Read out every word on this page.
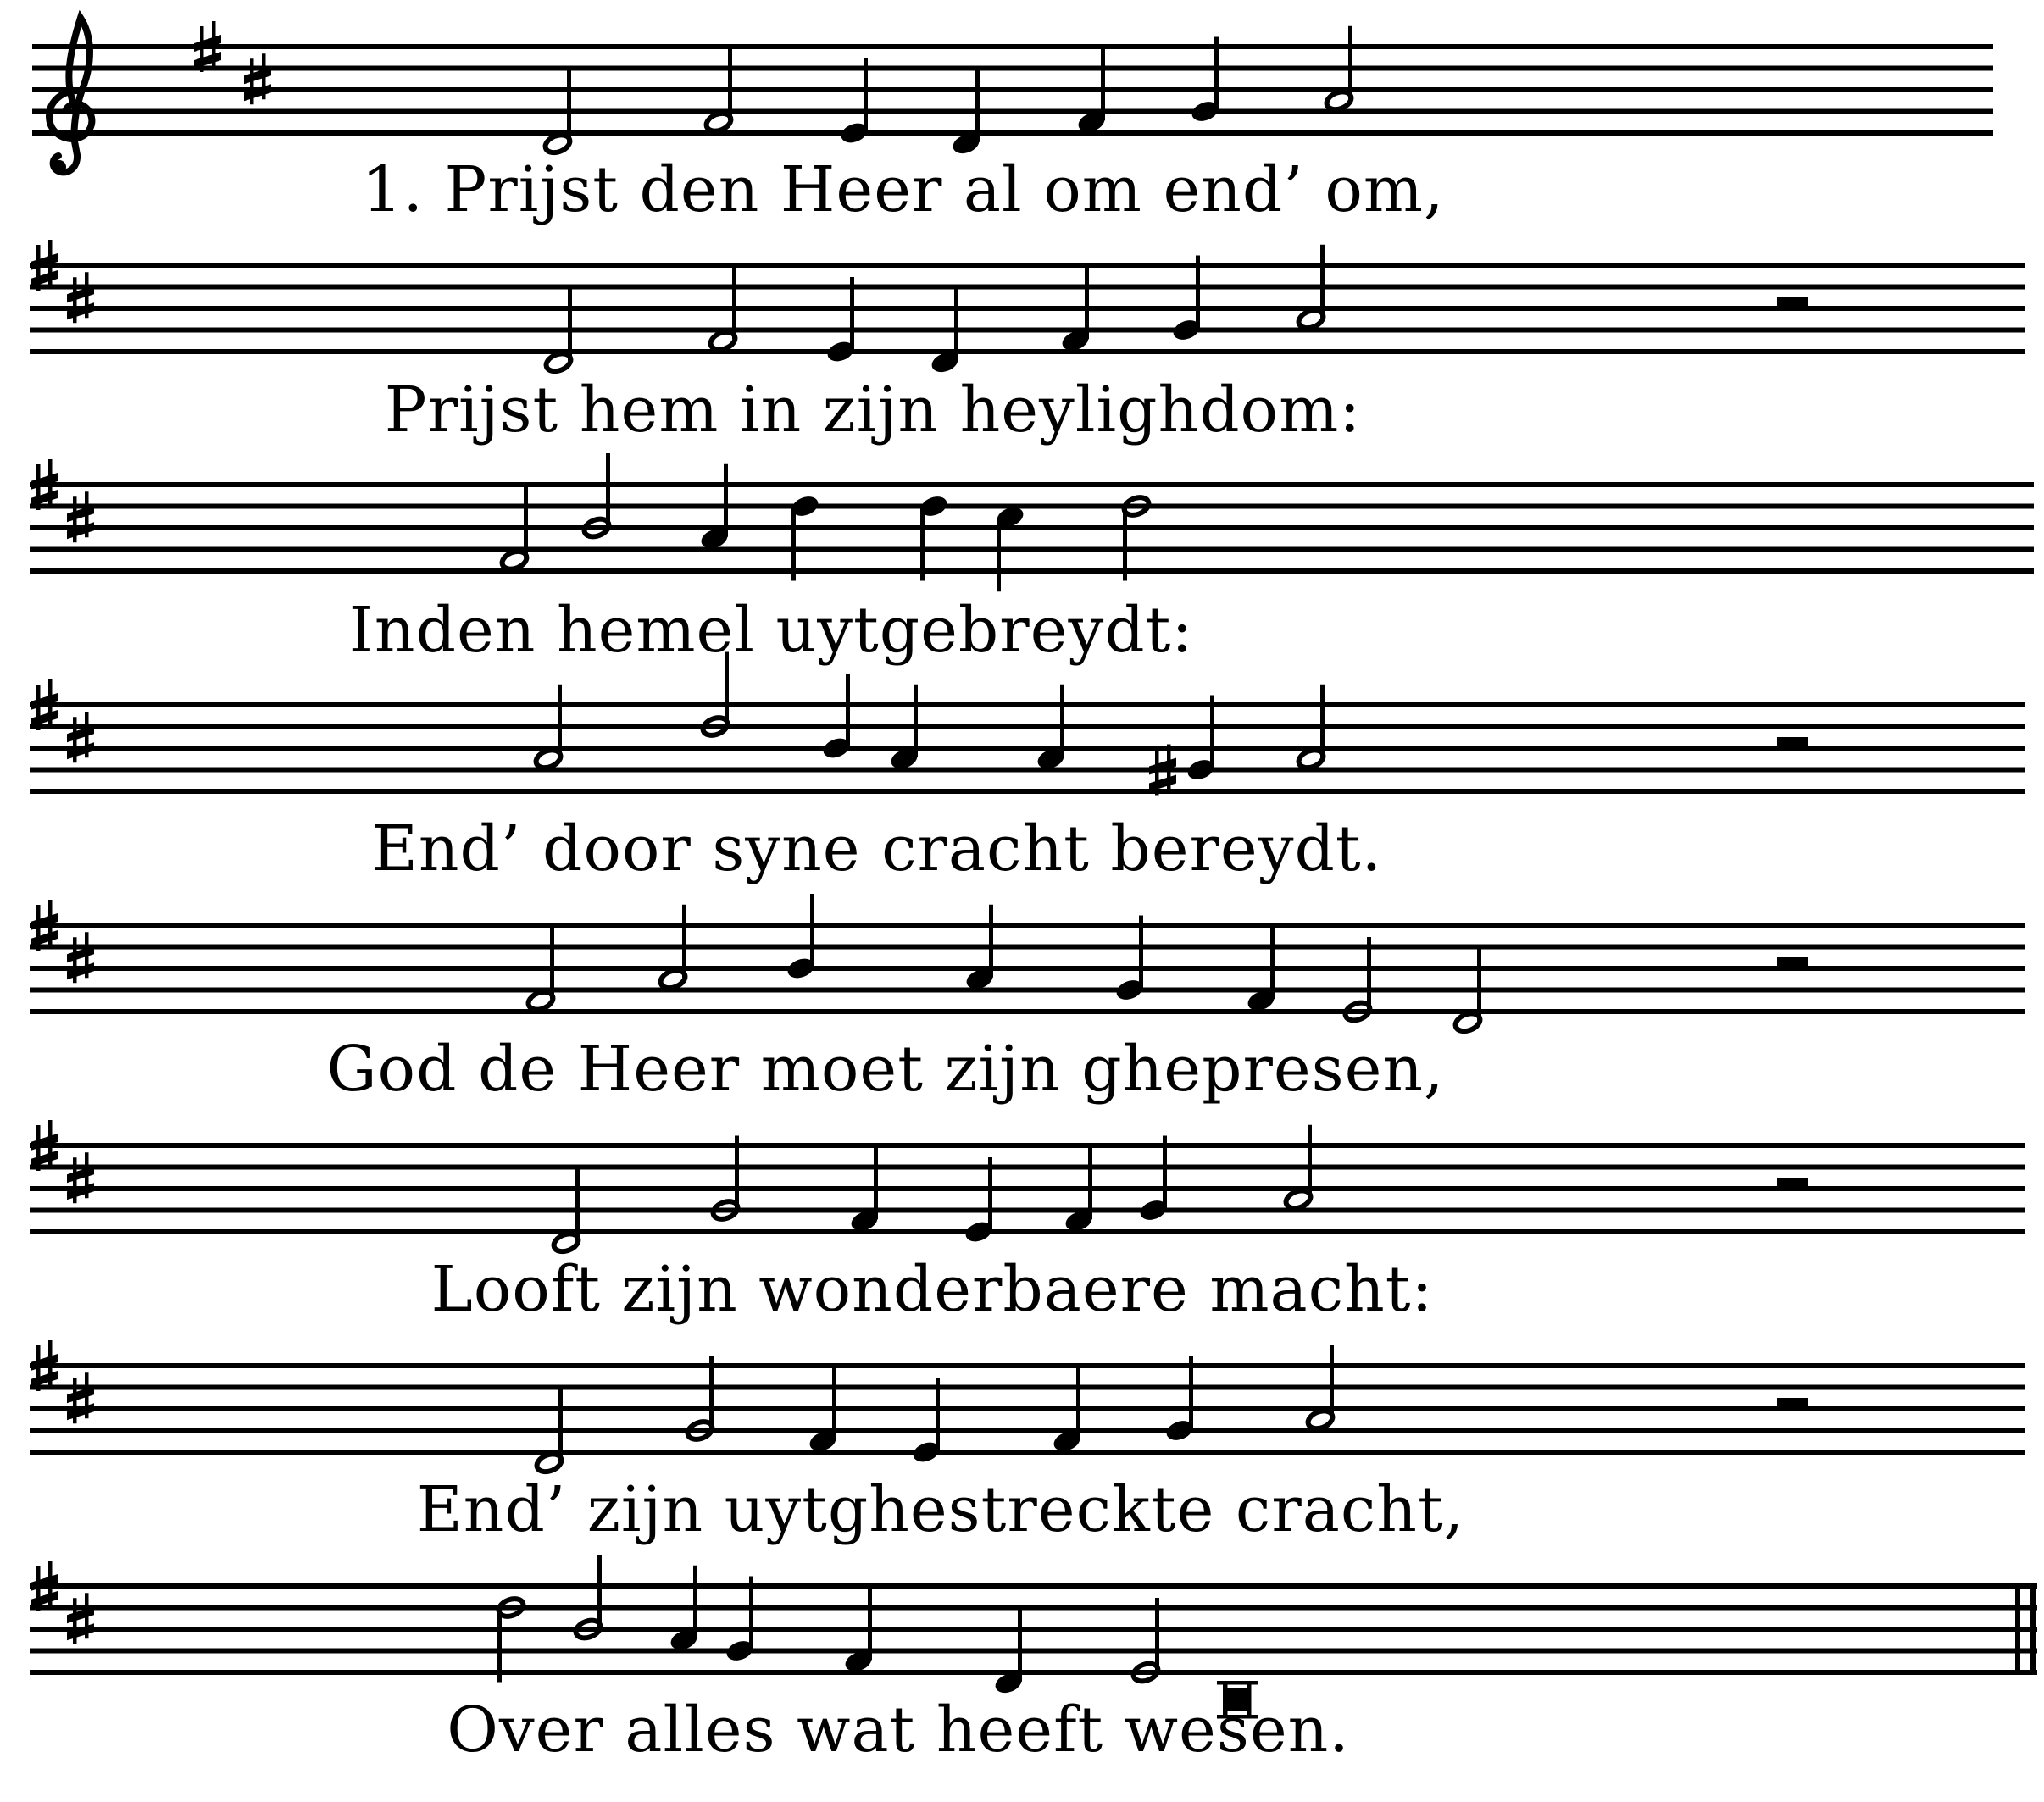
1. Prijst den Heer al om end’ om,
Prijst hem in zijn heylighdom:
Inden hemel uytgebreydt:
End’ door syne cracht bereydt.
God de Heer moet zijn ghepresen,
Looft zijn wonderbaere macht:
End’ zijn uytghestreckte cracht,
Over alles wat heeft wesen.
